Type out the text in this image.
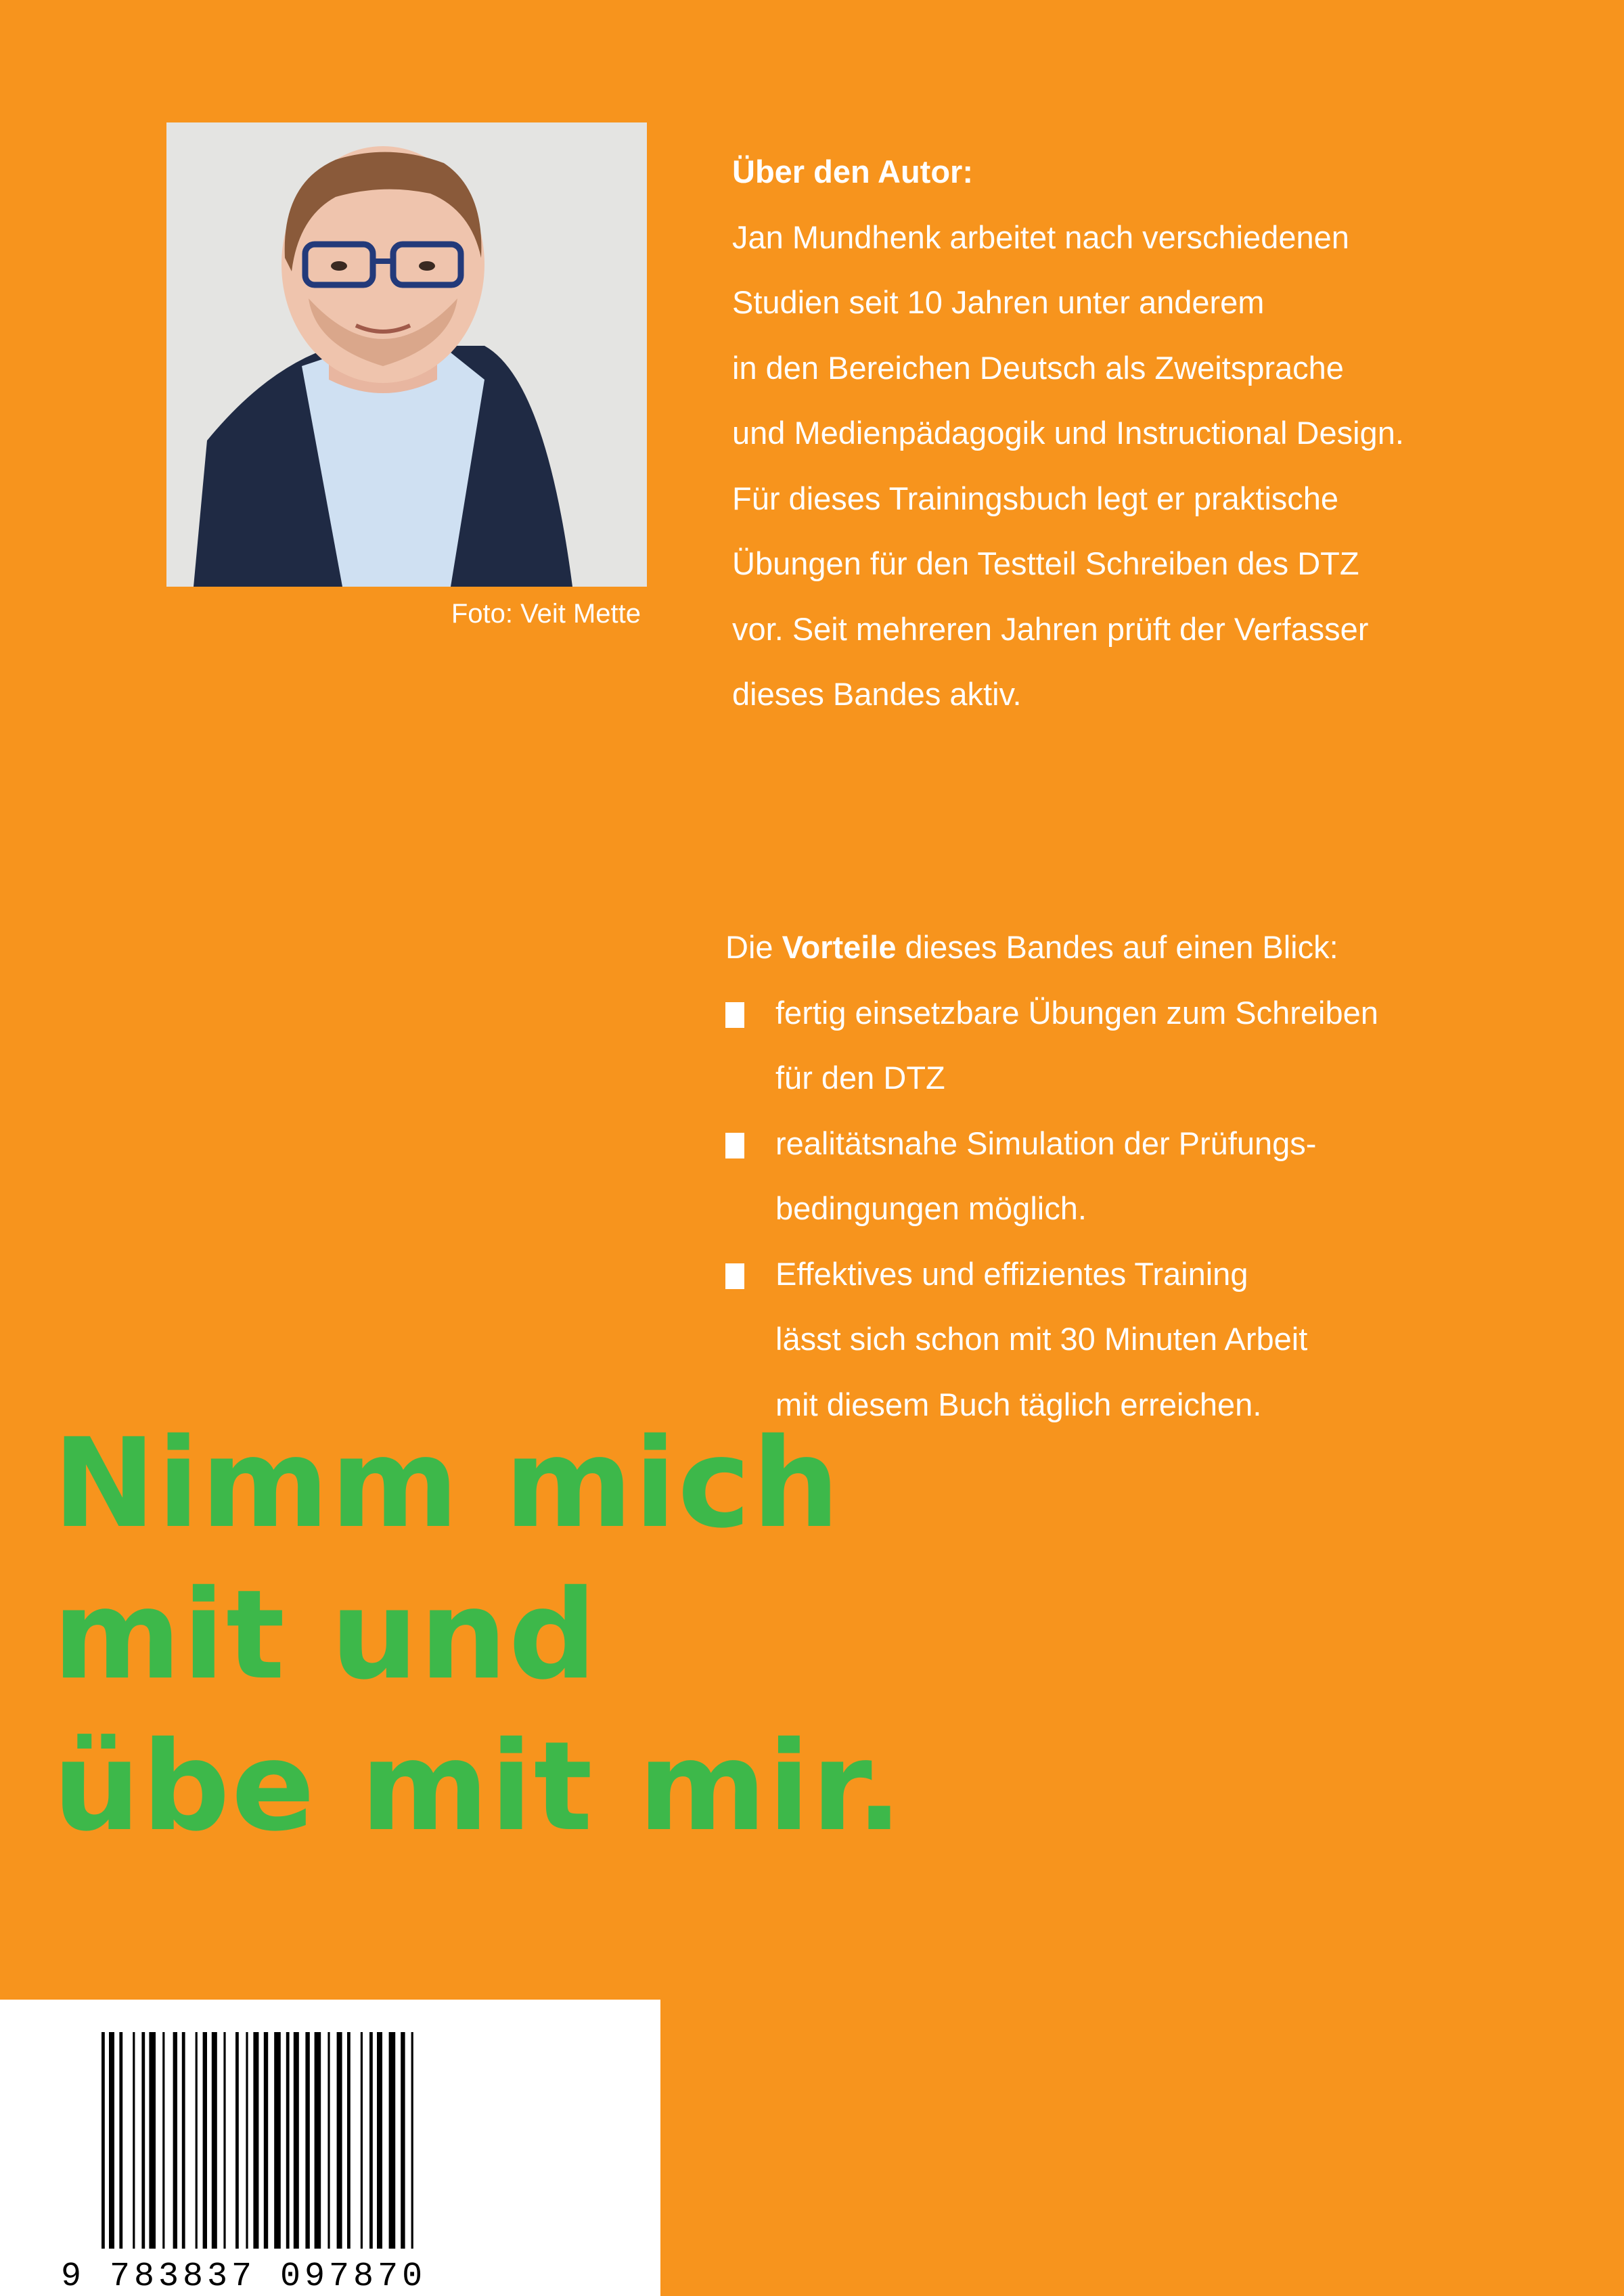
Foto: Veit Mette
Über den Autor:
Jan Mundhenk arbeitet nach verschiedenen
Studien seit 10 Jahren unter anderem
in den Bereichen Deutsch als Zweitsprache
und Medienpädagogik und Instructional Design.
Für dieses Trainingsbuch legt er praktische
Übungen für den Testteil Schreiben des DTZ
vor. Seit mehreren Jahren prüft der Verfasser
dieses Bandes aktiv.
Die Vorteile dieses Bandes auf einen Blick:
fertig einsetzbare Übungen zum Schreiben
für den DTZ
realitätsnahe Simulation der Prüfungs-
bedingungen möglich.
Effektives und effizientes Training
lässt sich schon mit 30 Minuten Arbeit
mit diesem Buch täglich erreichen.
Nimm mich
mit und
übe mit mir.
9 783837 097870
